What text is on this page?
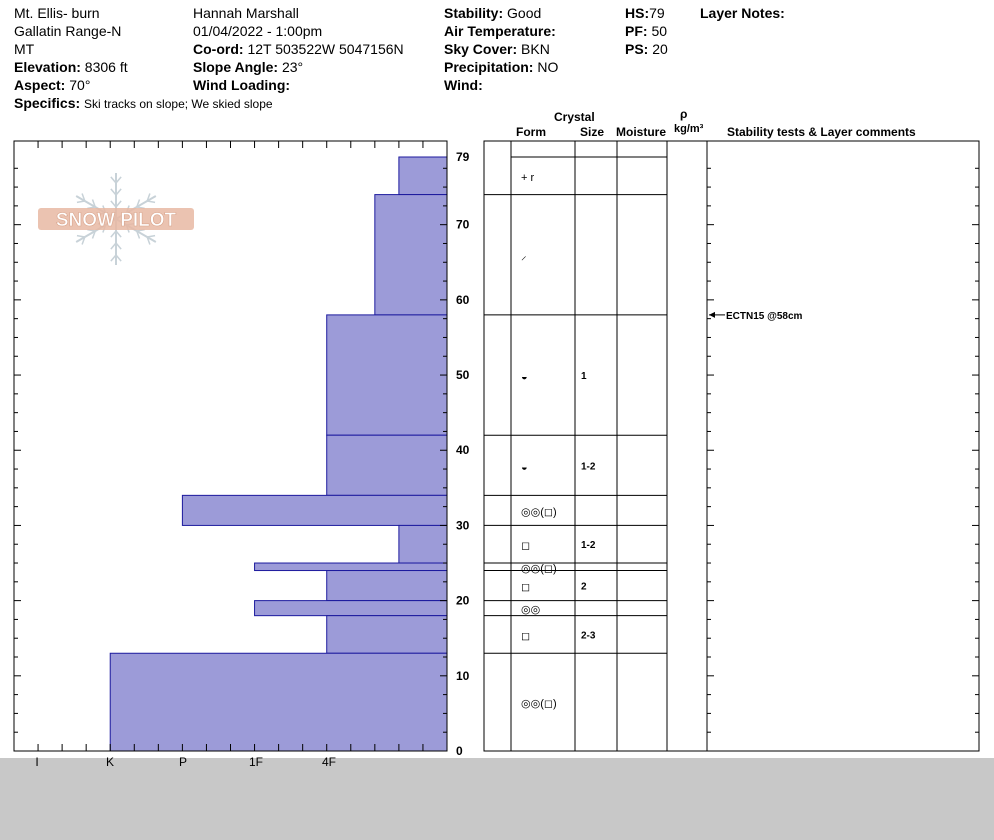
Mt. Ellis- burn
Gallatin Range-N
MT
Elevation: 8306 ft
Aspect: 70°
Specifics: Ski tracks on slope; We skied slope
Hannah Marshall
01/04/2022 - 1:00pm
Co-ord: 12T 503522W 5047156N
Slope Angle: 23°
Wind Loading:
Stability: Good
Air Temperature:
Sky Cover: BKN
Precipitation: NO
Wind:
HS:79
PF: 50
PS: 20
Layer Notes:
Crystal
Form	Size Moisture
ρ
kg/m³ Stability tests & Layer comments
SNOW PILOT
0
10
20
30
40
50
60
70
79
I	K	P	1F	4F
+ r
⸝
◒	1
◒	1-2
◎◎(◻)
◻	1-2
◎◎(◻)
◻	2
◎◎
◻	2-3
◎◎(◻)
ECTN15 @58cm
